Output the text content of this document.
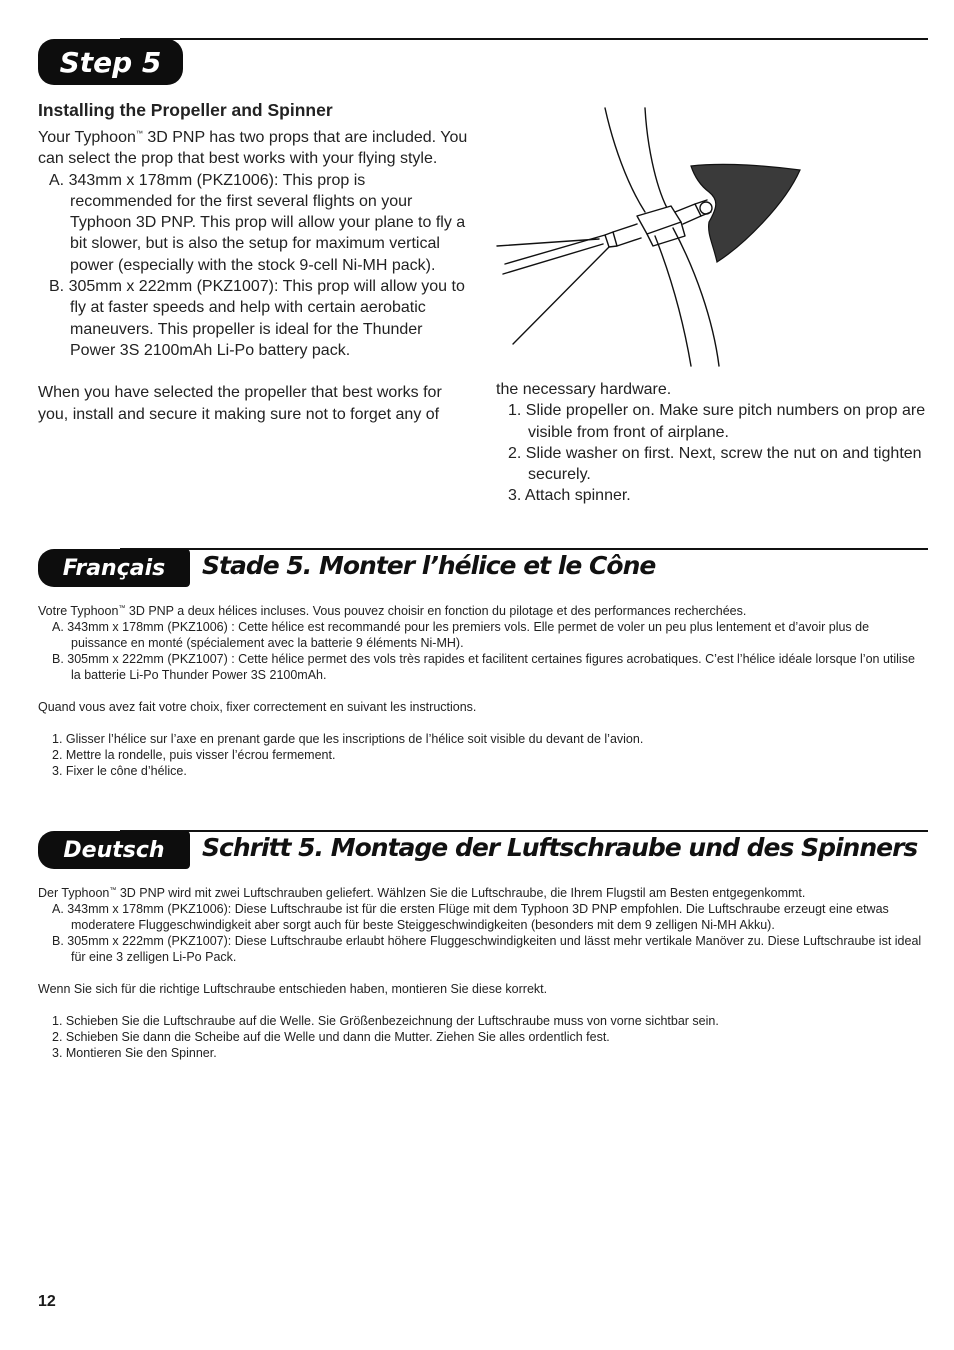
Step 5
Installing the Propeller and Spinner

Your Typhoon™ 3D PNP has two props that are included. You can select the prop that best works with your flying style.

A. 343mm x 178mm (PKZ1006): This prop is recommended for the first several flights on your Typhoon 3D PNP. This prop will allow your plane to fly a bit slower, but is also the setup for maximum vertical power (especially with the stock 9-cell Ni-MH pack).

B. 305mm x 222mm (PKZ1007): This prop will allow you to fly at faster speeds and help with certain aerobatic maneuvers. This propeller is ideal for the Thunder Power 3S 2100mAh Li-Po battery pack.

When you have selected the propeller that best works for you, install and secure it making sure not to forget any of

the necessary hardware.

1. Slide propeller on. Make sure pitch numbers on prop are visible from front of airplane.

2. Slide washer on first. Next, screw the nut on and tighten securely.

3. Attach spinner.

Français Stade 5. Monter l’hélice et le Cône

Votre Typhoon™ 3D PNP a deux hélices incluses. Vous pouvez choisir en fonction du pilotage et des performances recherchées.

A. 343mm x 178mm (PKZ1006) : Cette hélice est recommandé pour les premiers vols. Elle permet de voler un peu plus lentement et d’avoir plus de puissance en monté (spécialement avec la batterie 9 éléments Ni-MH).

B. 305mm x 222mm (PKZ1007) : Cette hélice permet des vols très rapides et facilitent certaines figures acrobatiques. C’est l’hélice idéale lorsque l’on utilise la batterie Li-Po Thunder Power 3S 2100mAh.

Quand vous avez fait votre choix, fixer correctement en suivant les instructions.

1. Glisser l’hélice sur l’axe en prenant garde que les inscriptions de l’hélice soit visible du devant de l’avion.

2. Mettre la rondelle, puis visser l’écrou fermement.

3. Fixer le cône d’hélice.

Deutsch Schritt 5. Montage der Luftschraube und des Spinners

Der Typhoon™ 3D PNP wird mit zwei Luftschrauben geliefert. Wählzen Sie die Luftschraube, die Ihrem Flugstil am Besten entgegenkommt.

A. 343mm x 178mm (PKZ1006): Diese Luftschraube ist für die ersten Flüge mit dem Typhoon 3D PNP empfohlen. Die Luftschraube erzeugt eine etwas moderatere Fluggeschwindigkeit aber sorgt auch für beste Steiggeschwindigkeiten (besonders mit dem 9 zelligen Ni-MH Akku).

B. 305mm x 222mm (PKZ1007): Diese Luftschraube erlaubt höhere Fluggeschwindigkeiten und lässt mehr vertikale Manöver zu. Diese Luftschraube ist ideal für eine 3 zelligen Li-Po Pack.

Wenn Sie sich für die richtige Luftschraube entschieden haben, montieren Sie diese korrekt.

1. Schieben Sie die Luftschraube auf die Welle. Sie Größenbezeichnung der Luftschraube muss von vorne sichtbar sein.

2. Schieben Sie dann die Scheibe auf die Welle und dann die Mutter. Ziehen Sie alles ordentlich fest.

3. Montieren Sie den Spinner.

12
